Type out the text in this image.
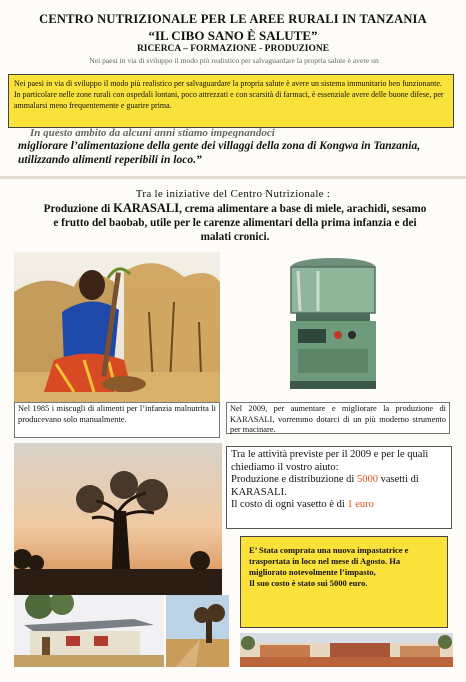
CENTRO NUTRIZIONALE PER LE AREE RURALI IN TANZANIA
“IL CIBO SANO È SALUTE”
RICERCA – FORMAZIONE - PRODUZIONE
Nei paesi in via di sviluppo il modo più realistico per salvaguardare la propria salute è avere un
Nei paesi in via di sviluppo il modo più realistico per salvaguardare la propria salute è avere un sistema immunitario ben funzionante.
In particolare nelle zone rurali con ospedali lontani, poco attrezzati e con scarsità di farmaci, è essenziale avere delle buone difese, per ammalarsi meno frequentemente e guarire prima.
In questo ambito da alcuni anni stiamo impegnandoci
migliorare l’alimentazione della gente dei villaggi della zona di Kongwa in Tanzania, utilizzando alimenti reperibili in loco.”
Tra le iniziative del Centro Nutrizionale :
Produzione di KARASALI, crema alimentare a base di miele, arachidi, sesamo e frutto del baobab, utile per le carenze alimentari della prima infanzia e dei malati cronici.
Nel 1985 i miscugli di alimenti per l’infanzia malnutrita li producevano solo manualmente.
Nel 2009, per aumentare e migliorare la produzione di KARASALI, vorremmo dotarci di un più moderno strumento per macinare.
Tra le attività previste per il 2009 e per le quali chiediamo il vostro aiuto:
Produzione e distribuzione di 5000 vasetti di KARASALI.
Il costo di ogni vasetto è di 1 euro
E’ Stata comprata una nuova impastatrice e trasportata in loco nel mese di Agosto. Ha migliorato notevolmente l’impasto,
Il suo costo è stato sui 5000 euro.
